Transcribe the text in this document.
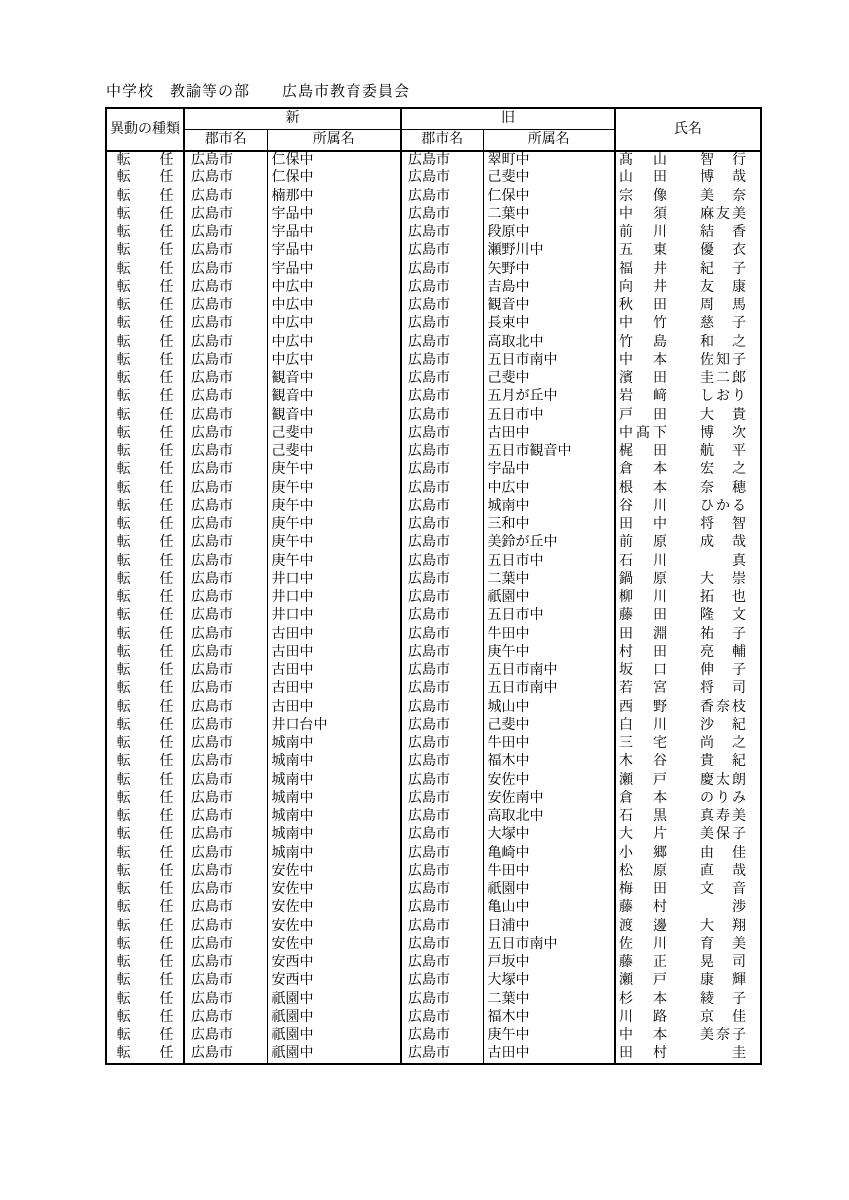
中学校　教諭等の部　　広島市教育委員会
異動の種類	新		旧		氏名
	郡市名	所属名	郡市名	所属名	

転 任	広島市	仁保中	広島市	翠町中	髙 山 智 行

転 任	広島市	仁保中	広島市	己斐中	山 田 博 哉

転 任	広島市	楠那中	広島市	仁保中	宗 像 美 奈

転 任	広島市	宇品中	広島市	二葉中	中 須 麻 友 美

転 任	広島市	宇品中	広島市	段原中	前 川 結 香

転 任	広島市	宇品中	広島市	瀬野川中	五 東 優 衣

転 任	広島市	宇品中	広島市	矢野中	福 井 紀 子

転 任	広島市	中広中	広島市	吉島中	向 井 友 康

転 任	広島市	中広中	広島市	観音中	秋 田 周 馬

転 任	広島市	中広中	広島市	長束中	中 竹 慈 子

転 任	広島市	中広中	広島市	高取北中	竹 島 和 之

転 任	広島市	中広中	広島市	五日市南中	中 本 佐 知 子

転 任	広島市	観音中	広島市	己斐中	濱 田 圭 二 郎

転 任	広島市	観音中	広島市	五月が丘中	岩 﨑 し お り

転 任	広島市	観音中	広島市	五日市中	戸 田 大 貴

転 任	広島市	己斐中	広島市	古田中	中 髙 下 博 次

転 任	広島市	己斐中	広島市	五日市観音中	梶 田 航 平

転 任	広島市	庚午中	広島市	宇品中	倉 本 宏 之

転 任	広島市	庚午中	広島市	中広中	根 本 奈 穂

転 任	広島市	庚午中	広島市	城南中	谷 川 ひ か る

転 任	広島市	庚午中	広島市	三和中	田 中 将 智

転 任	広島市	庚午中	広島市	美鈴が丘中	前 原 成 哉

転 任	広島市	庚午中	広島市	五日市中	石 川 真

転 任	広島市	井口中	広島市	二葉中	鍋 原 大 崇

転 任	広島市	井口中	広島市	祇園中	柳 川 拓 也

転 任	広島市	井口中	広島市	五日市中	藤 田 隆 文

転 任	広島市	古田中	広島市	牛田中	田 淵 祐 子

転 任	広島市	古田中	広島市	庚午中	村 田 亮 輔

転 任	広島市	古田中	広島市	五日市南中	坂 口 伸 子

転 任	広島市	古田中	広島市	五日市南中	若 宮 将 司

転 任	広島市	古田中	広島市	城山中	西 野 香 奈 枝

転 任	広島市	井口台中	広島市	己斐中	白 川 沙 紀

転 任	広島市	城南中	広島市	牛田中	三 宅 尚 之

転 任	広島市	城南中	広島市	福木中	木 谷 貴 紀

転 任	広島市	城南中	広島市	安佐中	瀬 戸 慶 太 朗

転 任	広島市	城南中	広島市	安佐南中	倉 本 の り み

転 任	広島市	城南中	広島市	高取北中	石 黒 真 寿 美

転 任	広島市	城南中	広島市	大塚中	大 片 美 保 子

転 任	広島市	城南中	広島市	亀崎中	小 郷 由 佳

転 任	広島市	安佐中	広島市	牛田中	松 原 直 哉

転 任	広島市	安佐中	広島市	祇園中	梅 田 文 音

転 任	広島市	安佐中	広島市	亀山中	藤 村 渉

転 任	広島市	安佐中	広島市	日浦中	渡 邊 大 翔

転 任	広島市	安佐中	広島市	五日市南中	佐 川 育 美

転 任	広島市	安西中	広島市	戸坂中	藤 正 晃 司

転 任	広島市	安西中	広島市	大塚中	瀬 戸 康 輝

転 任	広島市	祇園中	広島市	二葉中	杉 本 綾 子

転 任	広島市	祇園中	広島市	福木中	川 路 京 佳

転 任	広島市	祇園中	広島市	庚午中	中 本 美 奈 子

転 任	広島市	祇園中	広島市	古田中	田 村 圭
